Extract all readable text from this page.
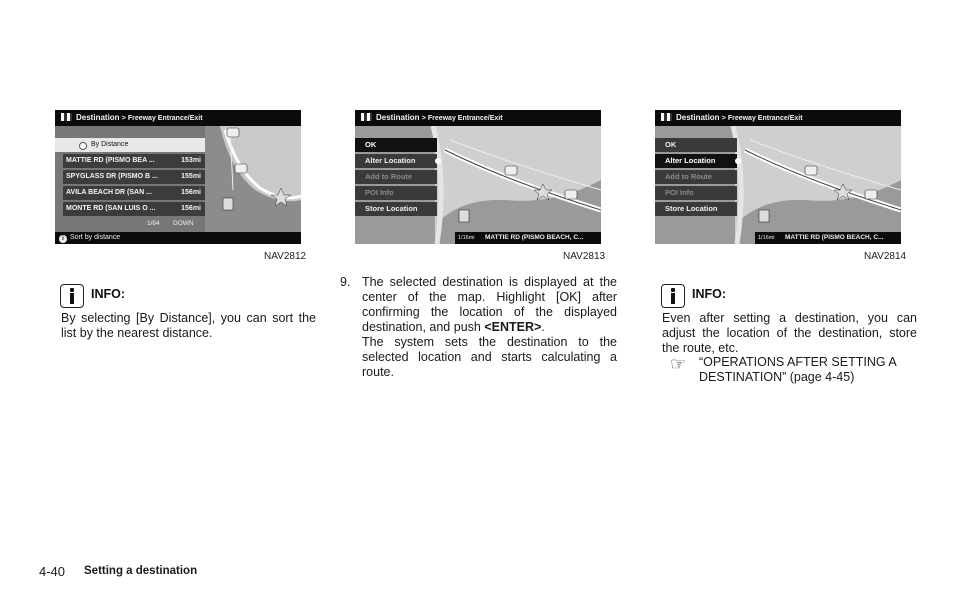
Destination > Freeway Entrance/Exit
By Distance
MATTIE RD (PISMO BEA ...	153mi
SPYGLASS DR (PISMO B ...	155mi
AVILA BEACH DR (SAN ...	156mi
MONTE RD (SAN LUIS O ...	156mi
1/84 DOWN
i Sort by distance
NAV2812
Destination > Freeway Entrance/Exit
OK
Alter Location
Add to Route
POI Info
Store Location
1/16mi MATTIE RD (PISMO BEACH, C...
NAV2813
Destination > Freeway Entrance/Exit
OK
Alter Location
Add to Route
POI Info
Store Location
1/16mi MATTIE RD (PISMO BEACH, C...
NAV2814
INFO:
By selecting [By Distance], you can sort the list by the nearest distance.
9. The selected destination is displayed at the center of the map. Highlight [OK] after confirming the location of the displayed destination, and push <ENTER>.
The system sets the destination to the selected location and starts calculating a route.
INFO:
Even after setting a destination, you can adjust the location of the destination, store the route, etc.
☞ “OPERATIONS AFTER SETTING A
DESTINATION” (page 4-45)
4-40 Setting a destination
